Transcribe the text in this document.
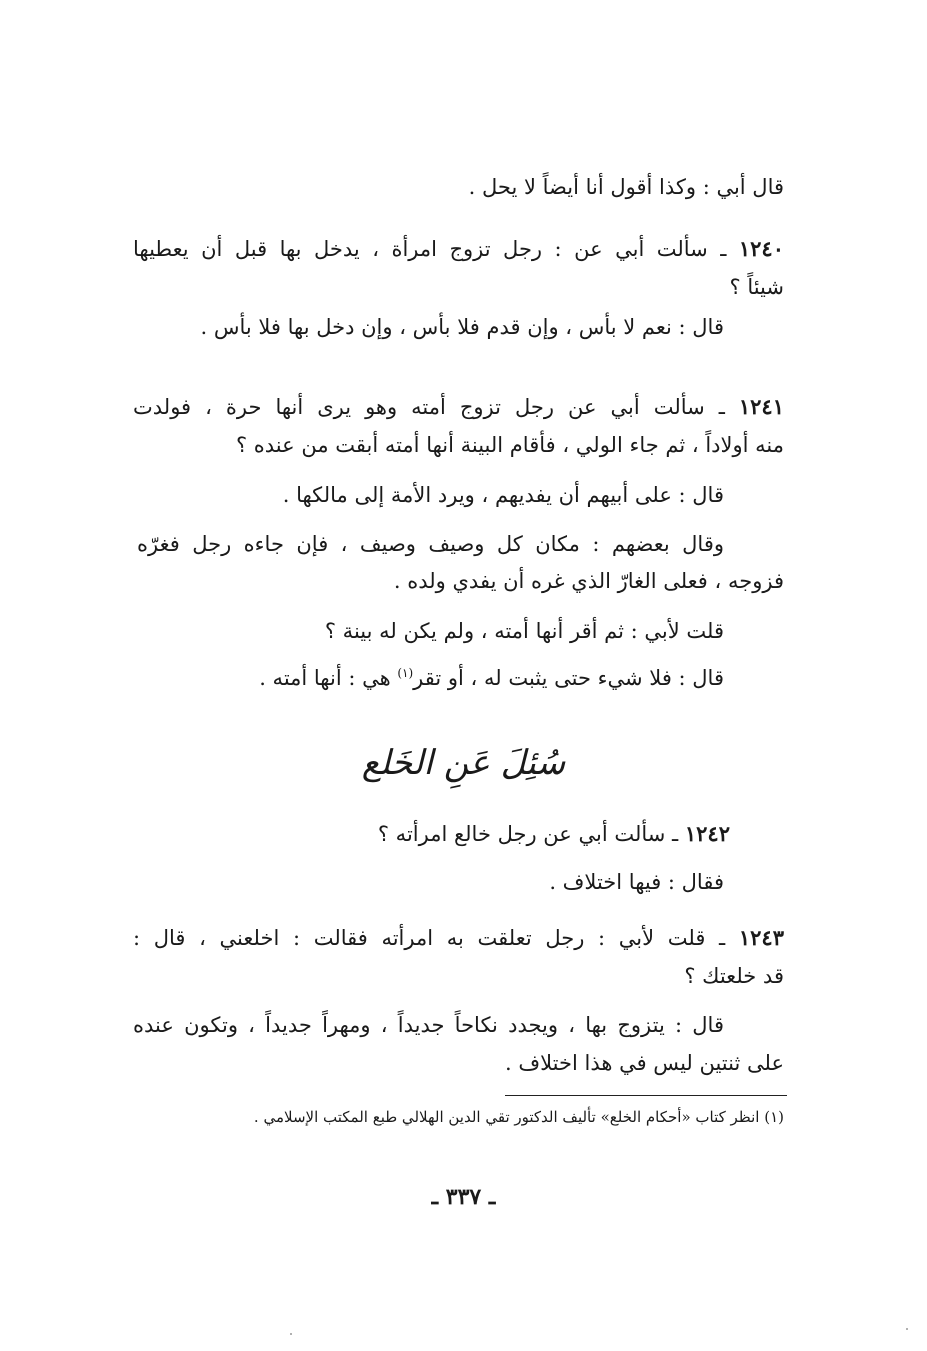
قال أبي : وكذا أقول أنا أيضاً لا يحل .

١٢٤٠ ـ سألت أبي عن : رجل تزوج امرأة ، يدخل بها قبل أن يعطيها

شيئاً ؟

قال : نعم لا بأس ، وإن قدم فلا بأس ، وإن دخل بها فلا بأس .

١٢٤١ ـ سألت أبي عن رجل تزوج أمته وهو يرى أنها حرة ، فولدت

منه أولاداً ، ثم جاء الولي ، فأقام البينة أنها أمته أبقت من عنده ؟

قال : على أبيهم أن يفديهم ، ويرد الأمة إلى مالكها .

وقال بعضهم : مكان كل وصيف وصيف ، فإن جاءه رجل فغرّه

فزوجه ، فعلى الغارّ الذي غره أن يفدي ولده .

قلت لأبي : ثم أقر أنها أمته ، ولم يكن له بينة ؟

قال : فلا شيء حتى يثبت له ، أو تقر$^{(١)}$ هي : أنها أمته .

سُئِلَ عَنِ الخَلع

١٢٤٢ ـ سألت أبي عن رجل خالع امرأته ؟

فقال : فيها اختلاف .

١٢٤٣ ـ قلت لأبي : رجل تعلقت به امرأته فقالت : اخلعني ، قال :

قد خلعتك ؟

قال : يتزوج بها ، ويجدد نكاحاً جديداً ، ومهراً جديداً ، وتكون عنده

على ثنتين ليس في هذا اختلاف .

(١) انظر كتاب «أحكام الخلع» تأليف الدكتور تقي الدين الهلالي طبع المكتب الإسلامي .
ـ ٣٣٧ ـ
